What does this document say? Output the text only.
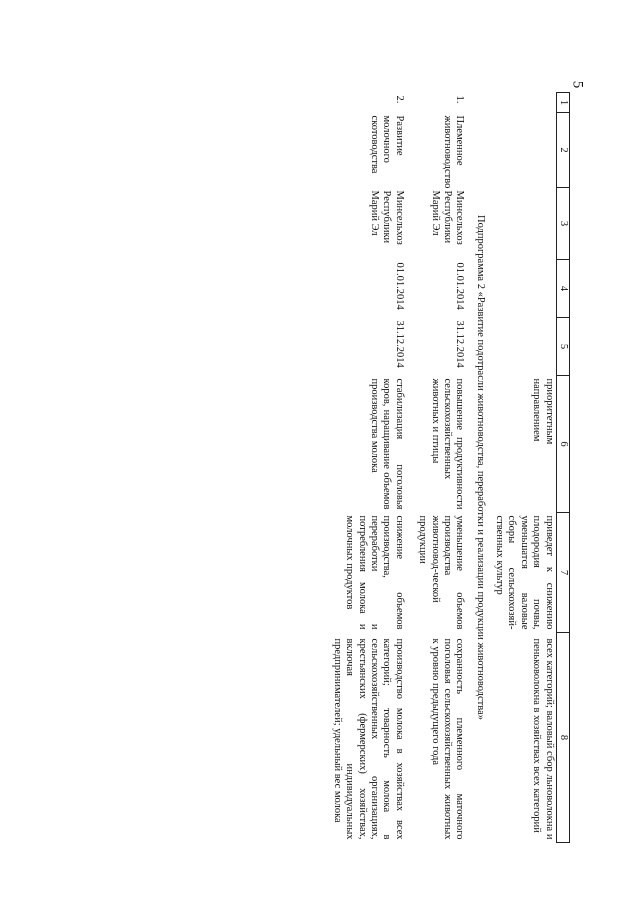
5
1	2	3	4	5	6	7	8
					приоритетным направлением	приведет к снижению плодородия почвы, уменьшатся валовые сборы сельскохозяй-ственных культур	всех категорий; валовый сбор льноволокна и пеньковолокна в хозяйствах всех категорий
Подпрограмма 2 «Развитие подотрасли животноводства, переработки и реализации продукции животноводства»							
1.	Племенное животноводство	Минсельхоз Республики Марий Эл	01.01.2014	31.12.2014	повышение продуктивности сельскохозяйственных животных и птицы	уменьшение объемов производства животновод-ческой продукции	сохранность племенного маточного поголовья сельскохозяйственных животных к уровню предыдущего года
2.	Развитие молочного скотоводства	Минсельхоз Республики Марий Эл	01.01.2014	31.12.2014	стабилизация поголовья коров, наращивание объемов производства молока	снижение объемов производства, переработки и потребления молока и молочных продуктов	производство молока в хозяйствах всех категорий; товарность молока в сельскохозяйственных организациях, крестьянских (фермерских) хозяйствах, включая индивидуальных предпринимателей; удельный вес молока
